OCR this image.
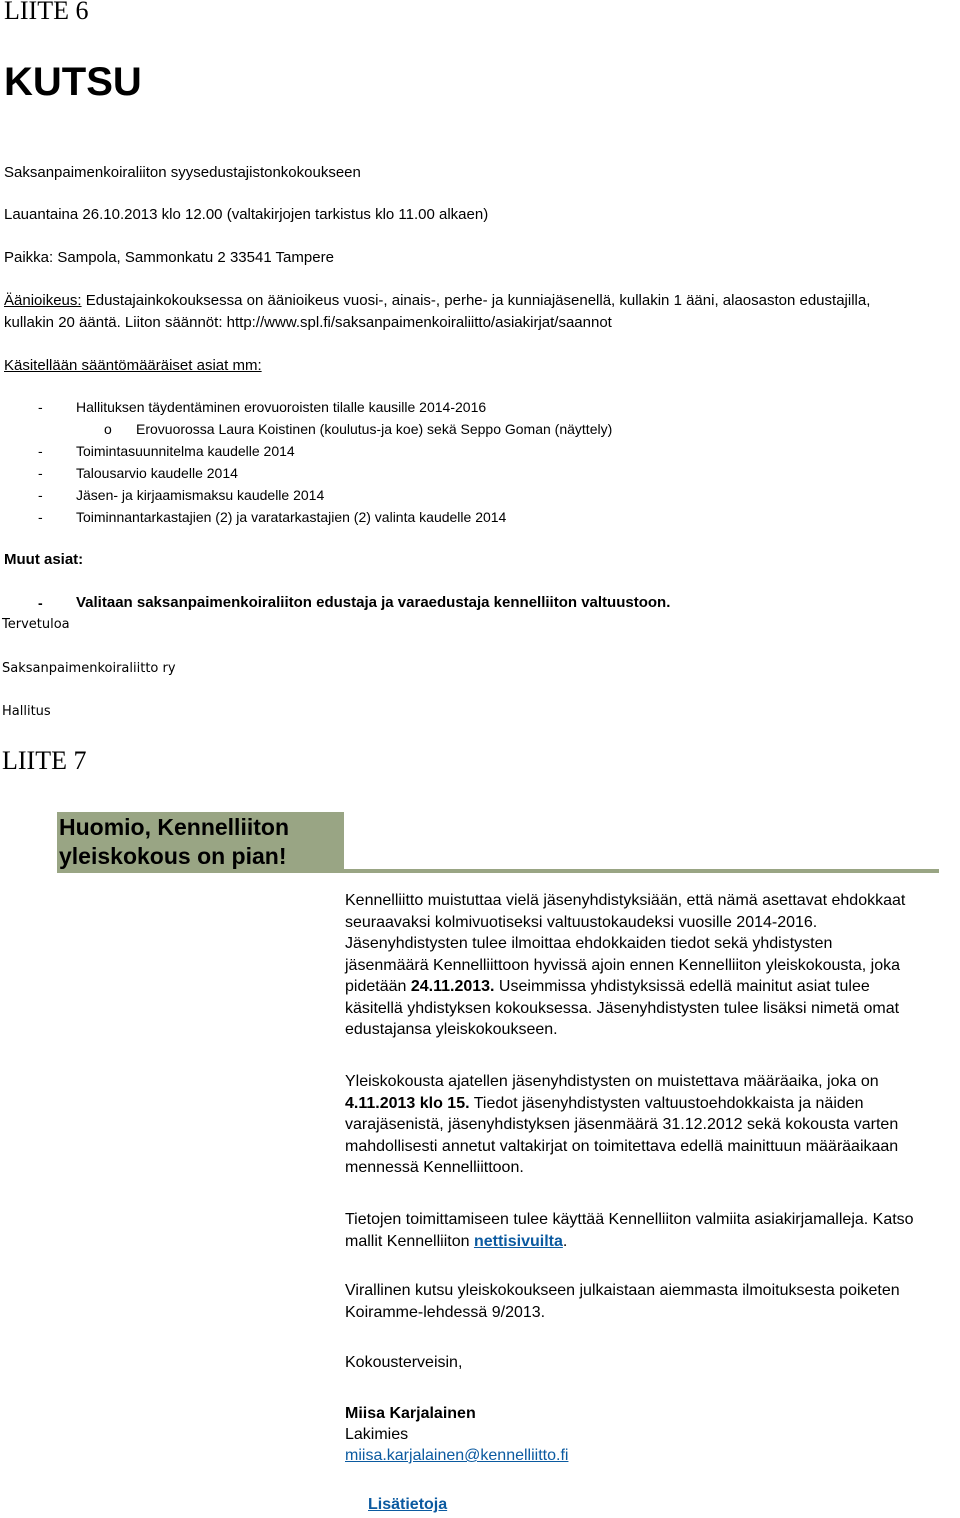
LIITE 6
KUTSU
Saksanpaimenkoiraliiton syysedustajistonkokoukseen
Lauantaina 26.10.2013 klo 12.00 (valtakirjojen tarkistus klo 11.00 alkaen)
Paikka: Sampola, Sammonkatu 2 33541 Tampere
Äänioikeus: Edustajainkokouksessa on äänioikeus vuosi-, ainais-, perhe- ja kunniajäsenellä, kullakin 1 ääni, alaosaston edustajilla,
kullakin 20 ääntä. Liiton säännöt: http://www.spl.fi/saksanpaimenkoiraliitto/asiakirjat/saannot
Käsitellään sääntömääräiset asiat mm:
- Hallituksen täydentäminen erovuoroisten tilalle kausille 2014-2016
o Erovuorossa Laura Koistinen (koulutus-ja koe) sekä Seppo Goman (näyttely)
- Toimintasuunnitelma kaudelle 2014
- Talousarvio kaudelle 2014
- Jäsen- ja kirjaamismaksu kaudelle 2014
- Toiminnantarkastajien (2) ja varatarkastajien (2) valinta kaudelle 2014
Muut asiat:
- Valitaan saksanpaimenkoiraliiton edustaja ja varaedustaja kennelliiton valtuustoon.
Tervetuloa
Saksanpaimenkoiraliitto ry
Hallitus
LIITE 7
Huomio, Kennelliiton yleiskokous on pian!
Kennelliitto muistuttaa vielä jäsenyhdistyksiään, että nämä asettavat ehdokkaat seuraavaksi kolmivuotiseksi valtuustokaudeksi vuosille 2014-2016. Jäsenyhdistysten tulee ilmoittaa ehdokkaiden tiedot sekä yhdistysten jäsenmäärä Kennelliittoon hyvissä ajoin ennen Kennelliiton yleiskokousta, joka pidetään 24.11.2013. Useimmissa yhdistyksissä edellä mainitut asiat tulee käsitellä yhdistyksen kokouksessa. Jäsenyhdistysten tulee lisäksi nimetä omat edustajansa yleiskokoukseen.
Yleiskokousta ajatellen jäsenyhdistysten on muistettava määräaika, joka on 4.11.2013 klo 15. Tiedot jäsenyhdistysten valtuustoehdokkaista ja näiden varajäsenistä, jäsenyhdistyksen jäsenmäärä 31.12.2012 sekä kokousta varten mahdollisesti annetut valtakirjat on toimitettava edellä mainittuun määräaikaan mennessä Kennelliittoon.
Tietojen toimittamiseen tulee käyttää Kennelliiton valmiita asiakirjamalleja. Katso mallit Kennelliiton nettisivuilta.
Virallinen kutsu yleiskokoukseen julkaistaan aiemmasta ilmoituksesta poiketen Koiramme-lehdessä 9/2013.
Kokousterveisin,
Miisa Karjalainen
Lakimies
miisa.karjalainen@kennelliitto.fi
Lisätietoja
